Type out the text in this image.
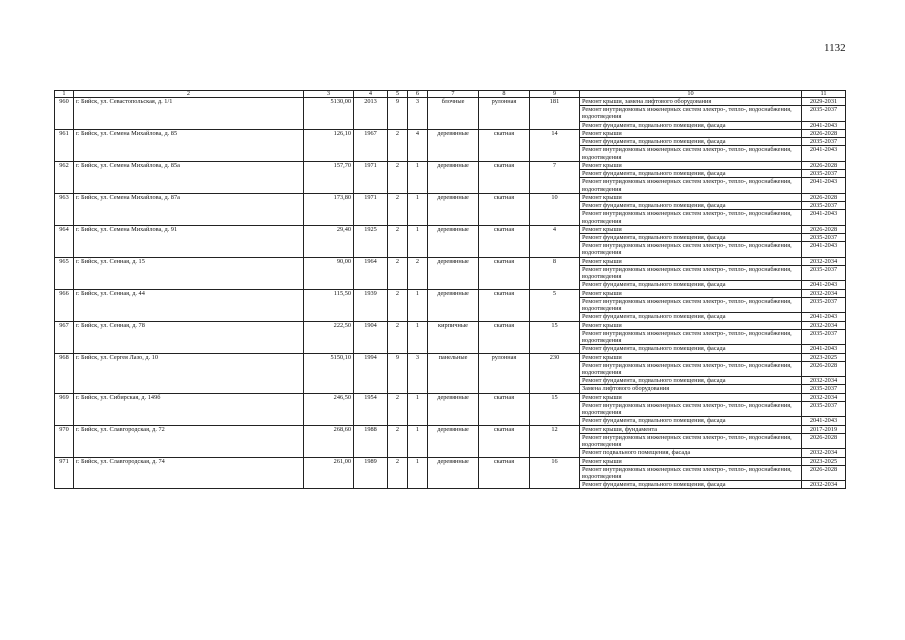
1132
1	2	3	4	5	6	7	8	9	10	11
960	г. Бийск, ул. Севастопольская, д. 1/1	5130,00	2013	9	3	блочные	рулонная	181	Ремонт крыши, замена лифтового оборудования	2029-2031
									Ремонт внутридомовых инженерных систем электро-, тепло-, водоснабжения, водоотведения	2035-2037
									Ремонт фундамента, подвального помещения, фасада	2041-2043
961	г. Бийск, ул. Семена Михайлова, д. 85	126,10	1967	2	4	деревянные	скатная	14	Ремонт крыши	2026-2028
									Ремонт фундамента, подвального помещения, фасада	2035-2037
									Ремонт внутридомовых инженерных систем электро-, тепло-, водоснабжения, водоотведения	2041-2043
962	г. Бийск, ул. Семена Михайлова, д. 85а	157,70	1971	2	1	деревянные	скатная	7	Ремонт крыши	2026-2028
									Ремонт фундамента, подвального помещения, фасада	2035-2037
									Ремонт внутридомовых инженерных систем электро-, тепло-, водоснабжения, водоотведения	2041-2043
963	г. Бийск, ул. Семена Михайлова, д. 87а	173,80	1971	2	1	деревянные	скатная	10	Ремонт крыши	2026-2028
									Ремонт фундамента, подвального помещения, фасада	2035-2037
									Ремонт внутридомовых инженерных систем электро-, тепло-, водоснабжения, водоотведения	2041-2043
964	г. Бийск, ул. Семена Михайлова, д. 91	29,40	1925	2	1	деревянные	скатная	4	Ремонт крыши	2026-2028
									Ремонт фундамента, подвального помещения, фасада	2035-2037
									Ремонт внутридомовых инженерных систем электро-, тепло-, водоснабжения, водоотведения	2041-2043
965	г. Бийск, ул. Сенная, д. 15	90,00	1964	2	2	деревянные	скатная	8	Ремонт крыши	2032-2034
									Ремонт внутридомовых инженерных систем электро-, тепло-, водоснабжения, водоотведения	2035-2037
									Ремонт фундамента, подвального помещения, фасада	2041-2043
966	г. Бийск, ул. Сенная, д. 44	115,50	1939	2	1	деревянные	скатная	5	Ремонт крыши	2032-2034
									Ремонт внутридомовых инженерных систем электро-, тепло-, водоснабжения, водоотведения	2035-2037
									Ремонт фундамента, подвального помещения, фасада	2041-2043
967	г. Бийск, ул. Сенная, д. 78	222,50	1904	2	1	кирпичные	скатная	15	Ремонт крыши	2032-2034
									Ремонт внутридомовых инженерных систем электро-, тепло-, водоснабжения, водоотведения	2035-2037
									Ремонт фундамента, подвального помещения, фасада	2041-2043
968	г. Бийск, ул. Сергея Лазо, д. 10	5150,10	1994	9	3	панельные	рулонная	230	Ремонт крыши	2023-2025
									Ремонт внутридомовых инженерных систем электро-, тепло-, водоснабжения, водоотведения	2026-2028
									Ремонт фундамента, подвального помещения, фасада	2032-2034
									Замена лифтового оборудования	2035-2037
969	г. Бийск, ул. Сибирская, д. 149б	246,50	1954	2	1	деревянные	скатная	15	Ремонт крыши	2032-2034
									Ремонт внутридомовых инженерных систем электро-, тепло-, водоснабжения, водоотведения	2035-2037
									Ремонт фундамента, подвального помещения, фасада	2041-2043
970	г. Бийск, ул. Славгородская, д. 72	268,60	1988	2	1	деревянные	скатная	12	Ремонт крыши, фундамента	2017-2019
									Ремонт внутридомовых инженерных систем электро-, тепло-, водоснабжения, водоотведения	2026-2028
									Ремонт подвального помещения, фасада	2032-2034
971	г. Бийск, ул. Славгородская, д. 74	261,00	1989	2	1	деревянные	скатная	16	Ремонт крыши	2023-2025
									Ремонт внутридомовых инженерных систем электро-, тепло-, водоснабжения, водоотведения	2026-2028
									Ремонт фундамента, подвального помещения, фасада	2032-2034
